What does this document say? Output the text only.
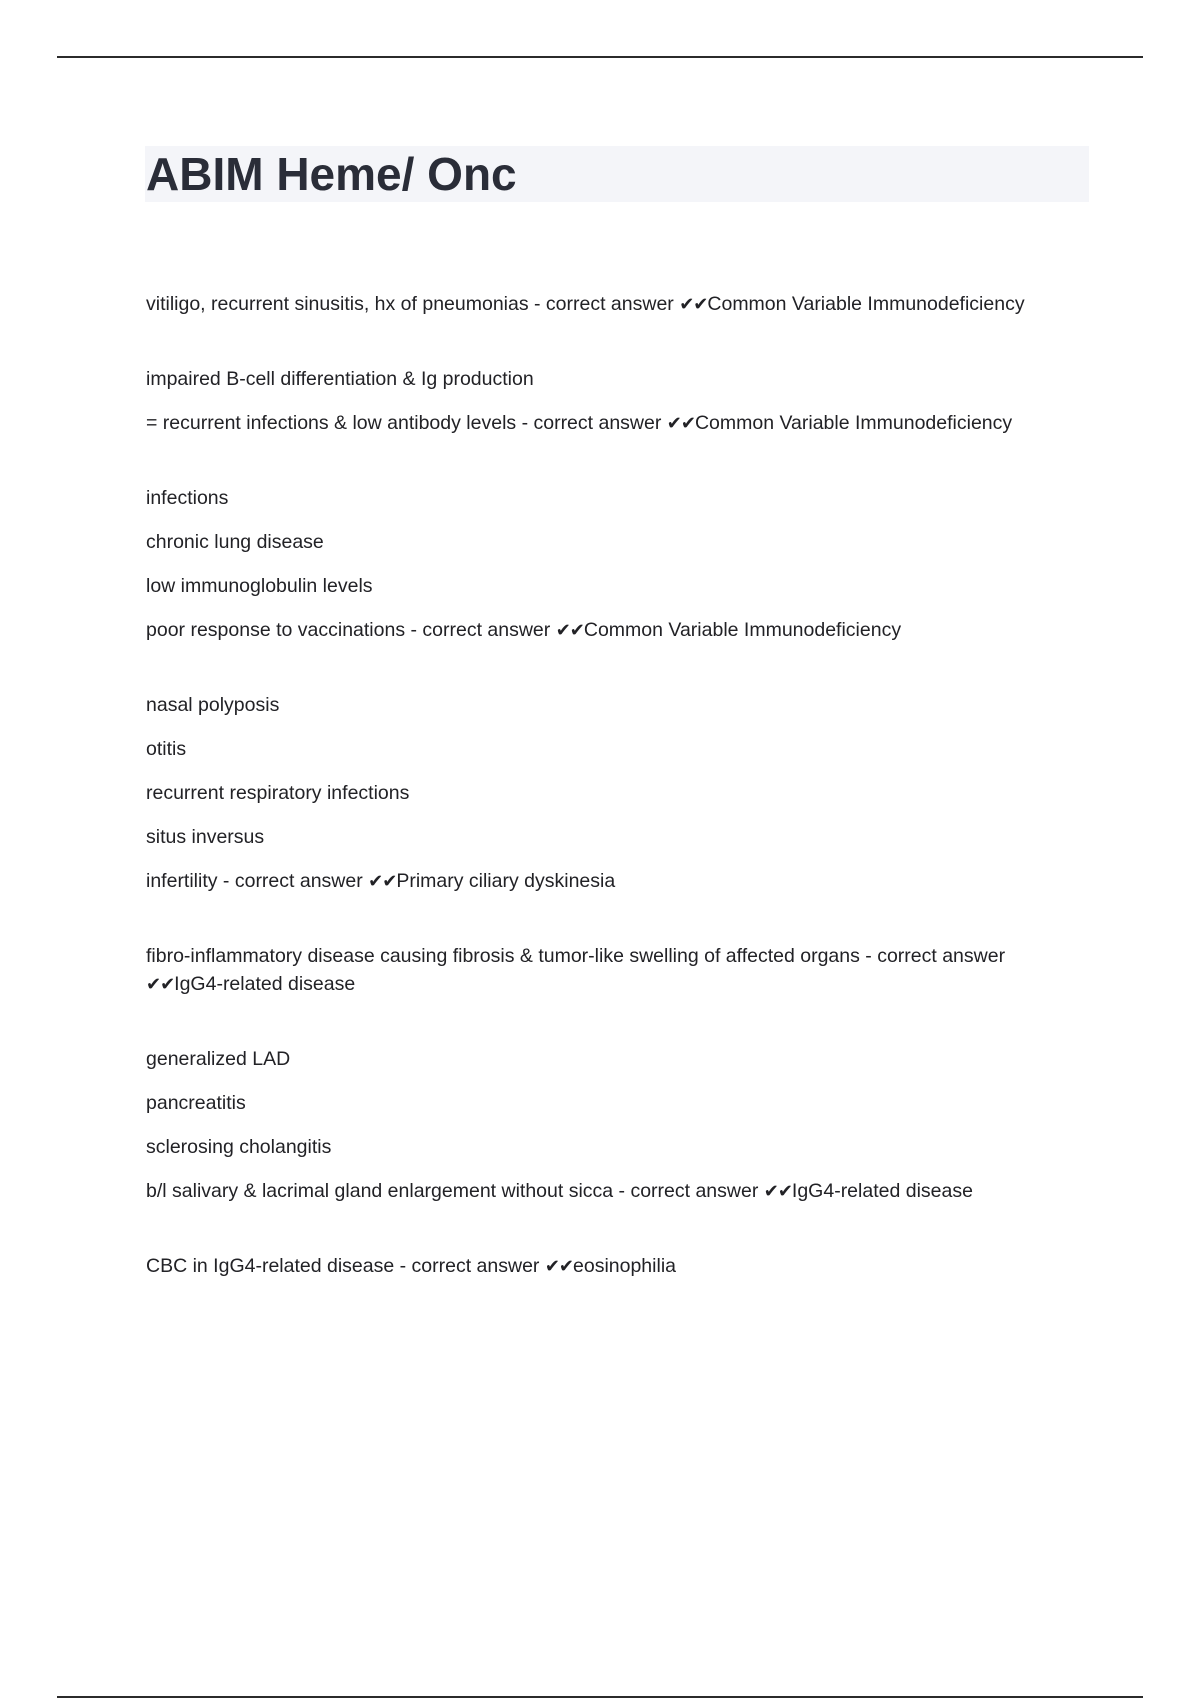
ABIM Heme/ Onc
vitiligo, recurrent sinusitis, hx of pneumonias - correct answer ✔✔Common Variable Immunodeficiency
impaired B-cell differentiation & Ig production
= recurrent infections & low antibody levels - correct answer ✔✔Common Variable Immunodeficiency
infections
chronic lung disease
low immunoglobulin levels
poor response to vaccinations - correct answer ✔✔Common Variable Immunodeficiency
nasal polyposis
otitis
recurrent respiratory infections
situs inversus
infertility - correct answer ✔✔Primary ciliary dyskinesia
fibro-inflammatory disease causing fibrosis & tumor-like swelling of affected organs - correct answer ✔✔IgG4-related disease
generalized LAD
pancreatitis
sclerosing cholangitis
b/l salivary & lacrimal gland enlargement without sicca - correct answer ✔✔IgG4-related disease
CBC in IgG4-related disease - correct answer ✔✔eosinophilia
